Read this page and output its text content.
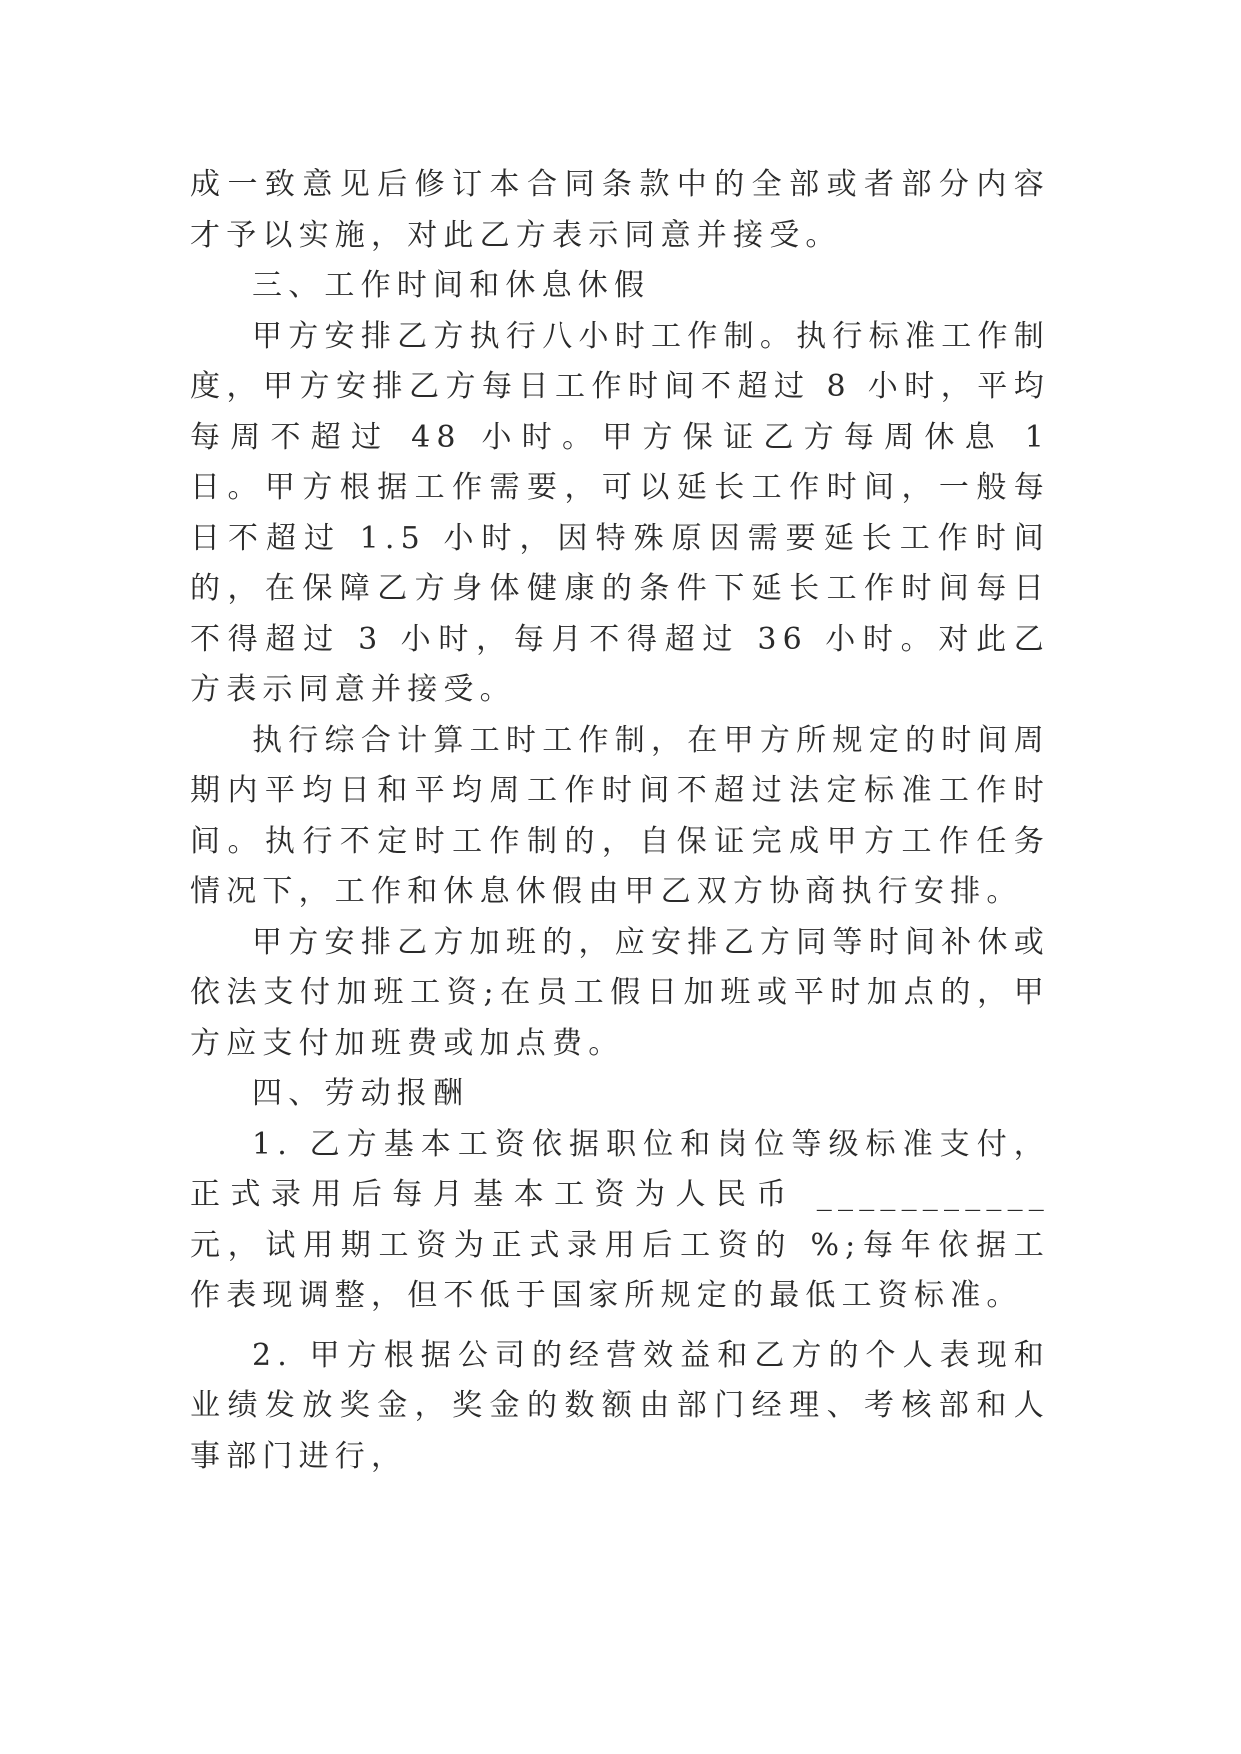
成一致意见后修订本合同条款中的全部或者部分内容才予以实施，对此乙方表示同意并接受。

三、工作时间和休息休假

甲方安排乙方执行八小时工作制。执行标准工作制度，甲方安排乙方每日工作时间不超过 8 小时，平均每周不超过 48 小时。甲方保证乙方每周休息 1 日。甲方根据工作需要，可以延长工作时间，一般每日不超过 1.5 小时，因特殊原因需要延长工作时间的，在保障乙方身体健康的条件下延长工作时间每日不得超过 3 小时，每月不得超过 36 小时。对此乙方表示同意并接受。

执行综合计算工时工作制，在甲方所规定的时间周期内平均日和平均周工作时间不超过法定标准工作时间。执行不定时工作制的，自保证完成甲方工作任务情况下，工作和休息休假由甲乙双方协商执行安排。

甲方安排乙方加班的，应安排乙方同等时间补休或依法支付加班工资;在员工假日加班或平时加点的，甲方应支付加班费或加点费。

四、劳动报酬

1. 乙方基本工资依据职位和岗位等级标准支付，正式录用后每月基本工资为人民币 ___________元，试用期工资为正式录用后工资的 %;每年依据工作表现调整，但不低于国家所规定的最低工资标准。

2. 甲方根据公司的经营效益和乙方的个人表现和业绩发放奖金，奖金的数额由部门经理、考核部和人事部门进行，
